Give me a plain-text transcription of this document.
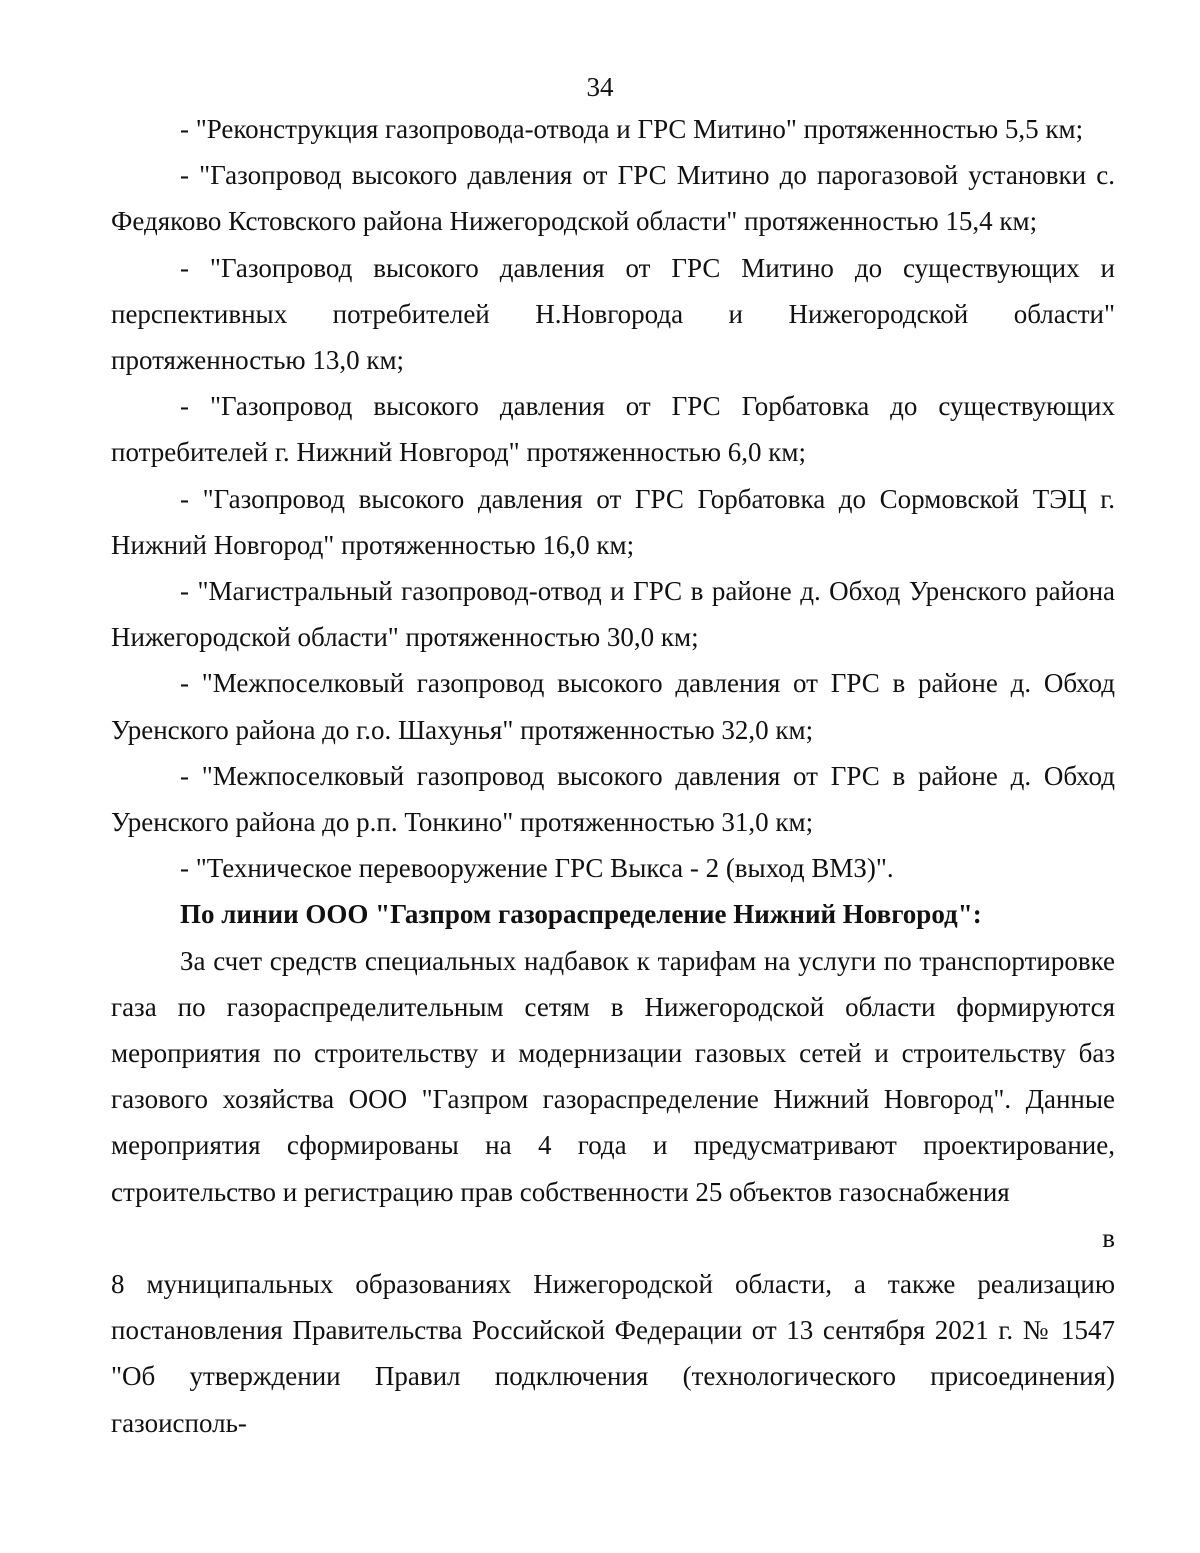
34

- "Реконструкция газопровода-отвода и ГРС Митино" протяженностью 5,5 км;

- "Газопровод высокого давления от ГРС Митино до парогазовой установки с. Федяково Кстовского района Нижегородской области" протяженностью 15,4 км;

- "Газопровод высокого давления от ГРС Митино до существующих и перспективных потребителей Н.Новгорода и Нижегородской области" протяженностью 13,0 км;

- "Газопровод высокого давления от ГРС Горбатовка до существующих потребителей г. Нижний Новгород" протяженностью 6,0 км;

- "Газопровод высокого давления от ГРС Горбатовка до Сормовской ТЭЦ г. Нижний Новгород" протяженностью 16,0 км;

- "Магистральный газопровод-отвод и ГРС в районе д. Обход Уренского района Нижегородской области" протяженностью 30,0 км;

- "Межпоселковый газопровод высокого давления от ГРС в районе д. Обход Уренского района до г.о. Шахунья" протяженностью 32,0 км;

- "Межпоселковый газопровод высокого давления от ГРС в районе д. Обход Уренского района до р.п. Тонкино" протяженностью 31,0 км;

- "Техническое перевооружение ГРС Выкса - 2 (выход ВМЗ)".

По линии ООО "Газпром газораспределение Нижний Новгород":

За счет средств специальных надбавок к тарифам на услуги по транспортировке газа по газораспределительным сетям в Нижегородской области формируются мероприятия по строительству и модернизации газовых сетей и строительству баз газового хозяйства ООО "Газпром газораспределение Нижний Новгород". Данные мероприятия сформированы на 4 года и предусматривают проектирование, строительство и регистрацию прав собственности 25 объектов газоснабжения

в

8 муниципальных образованиях Нижегородской области, а также реализацию постановления Правительства Российской Федерации от 13 сентября 2021 г. № 1547 "Об утверждении Правил подключения (технологического присоединения) газоисполь-
